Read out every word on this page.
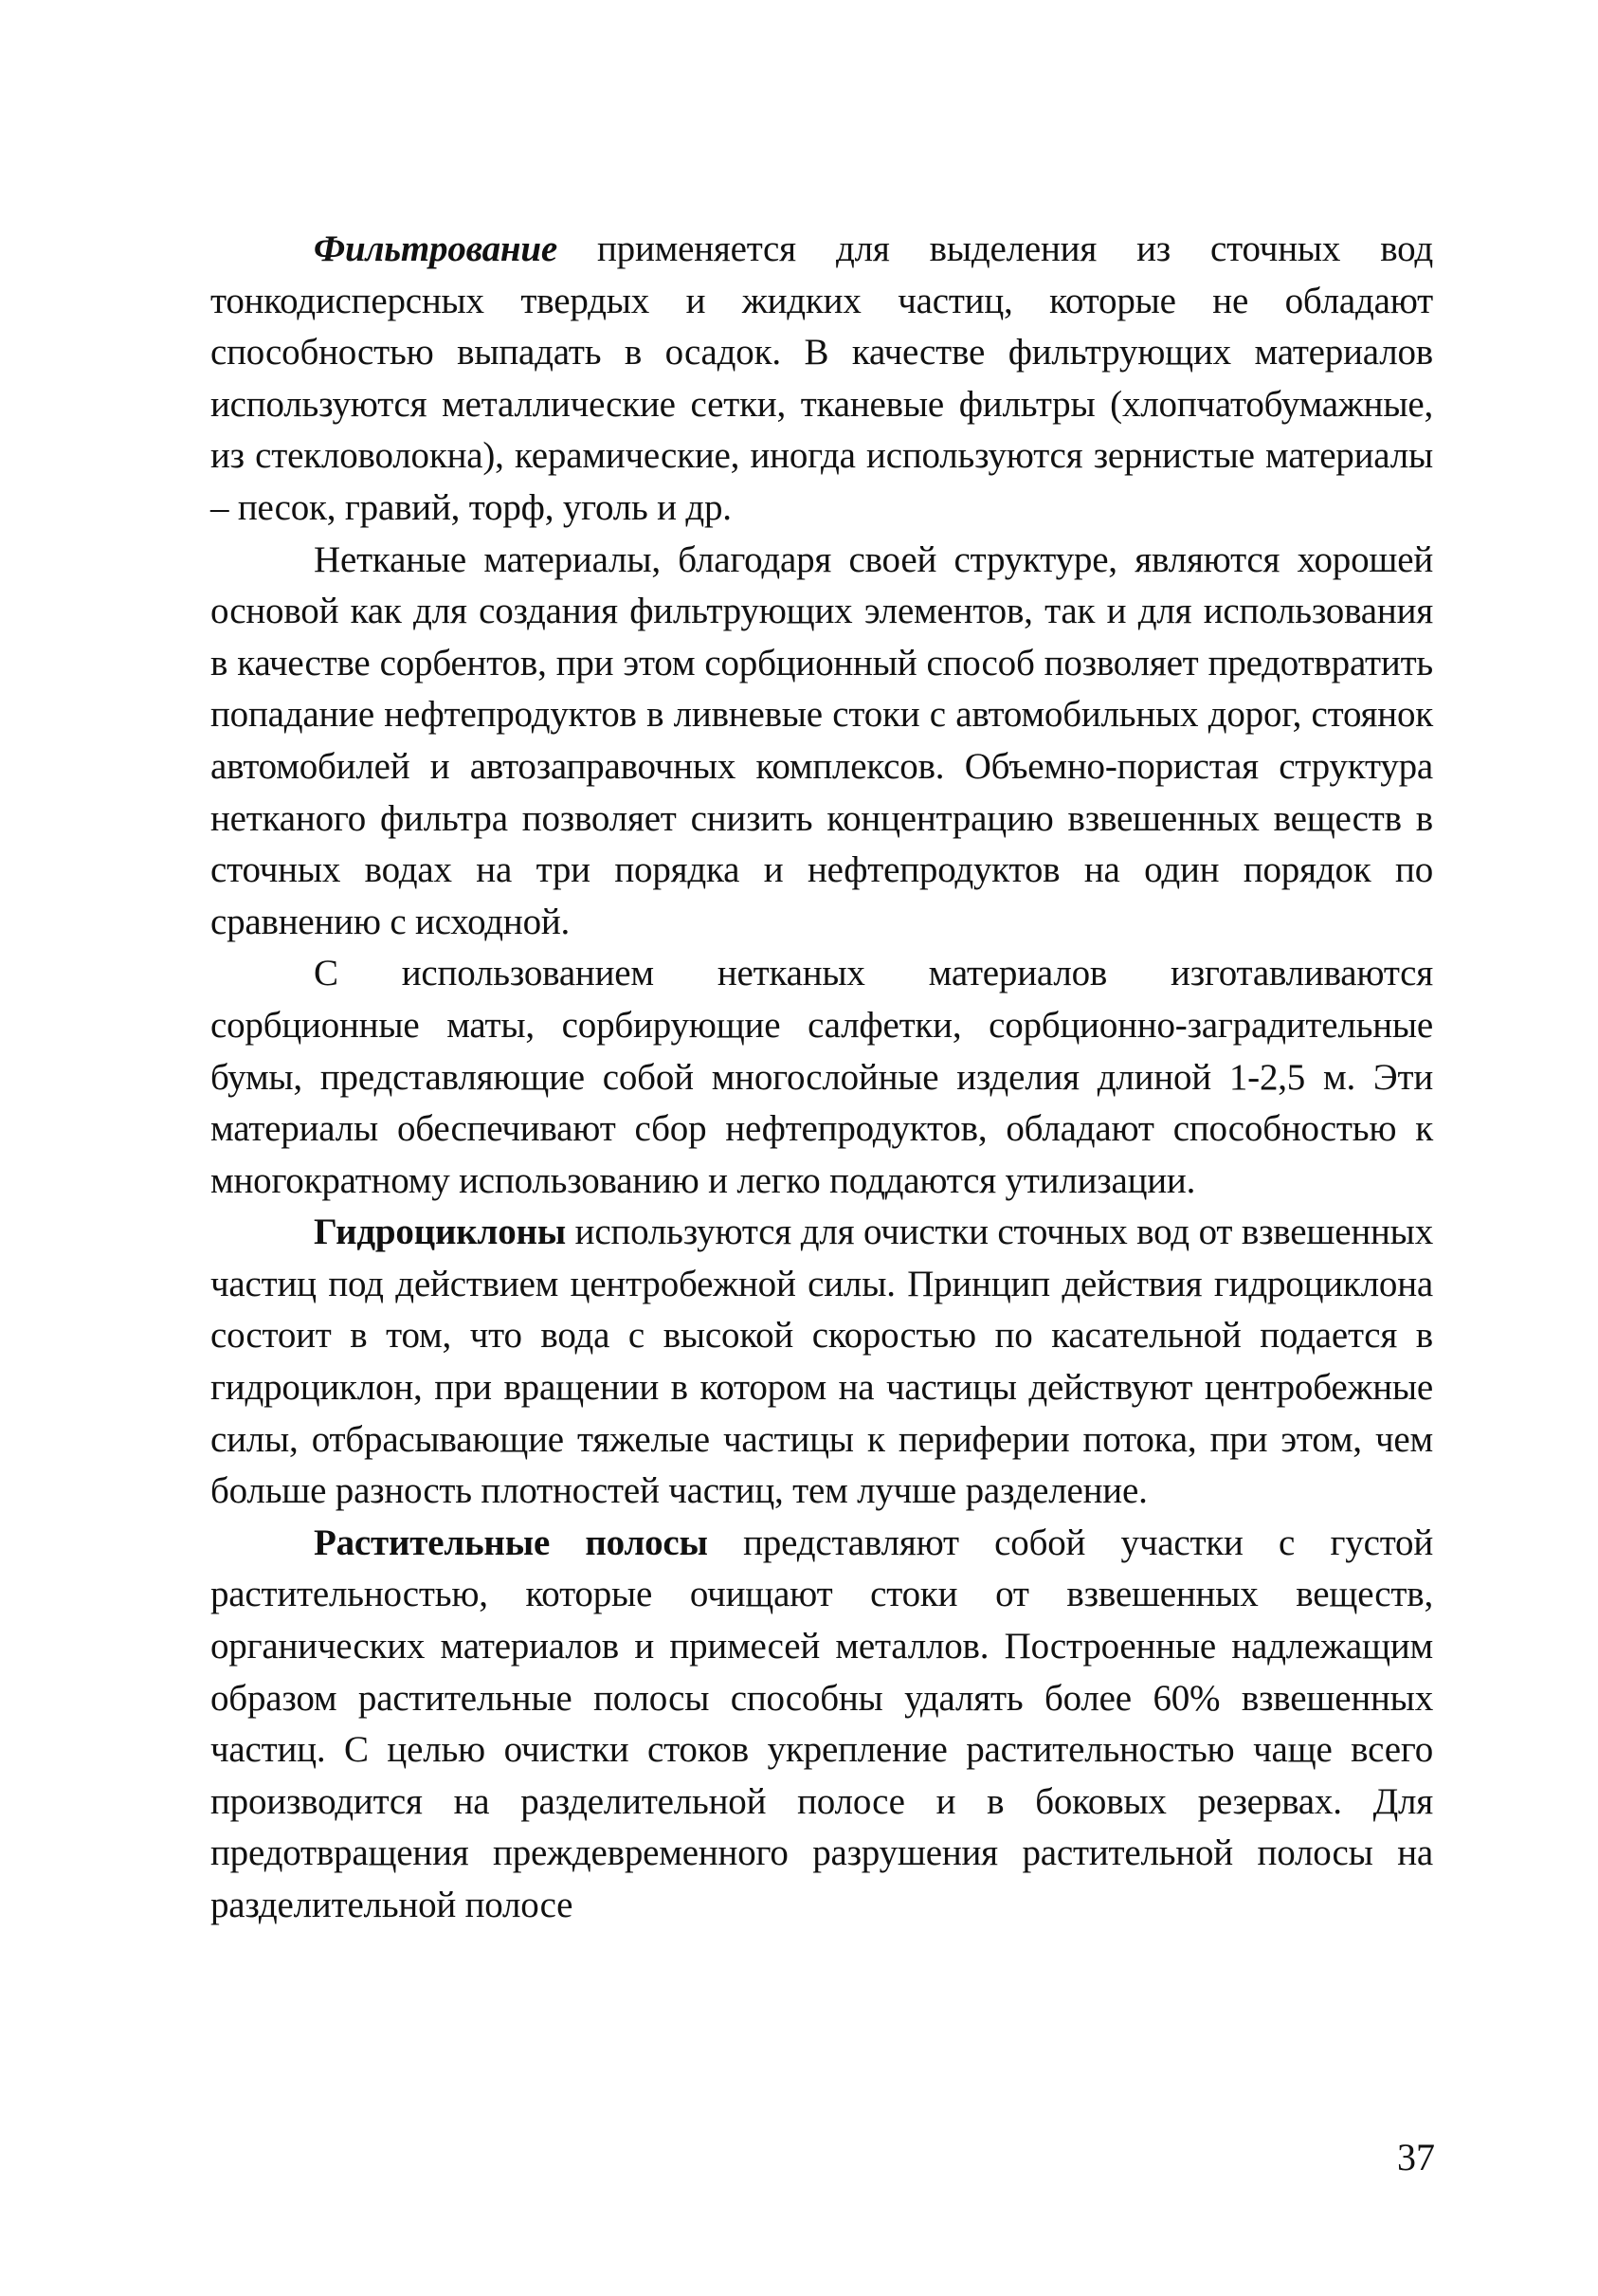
Фильтрование применяется для выделения из сточных вод тонкодисперсных твердых и жидких частиц, которые не обладают способностью выпадать в осадок. В качестве фильтрующих материалов используются металлические сетки, тканевые фильтры (хлопчатобумажные, из стекловолокна), керамические, иногда используются зернистые материалы – песок, гравий, торф, уголь и др.

Нетканые материалы, благодаря своей структуре, являются хорошей основой как для создания фильтрующих элементов, так и для использования в качестве сорбентов, при этом сорбционный способ позволяет предотвратить попадание нефтепродуктов в ливневые стоки с автомобильных дорог, стоянок автомобилей и автозаправочных комплексов. Объемно-пористая структура нетканого фильтра позволяет снизить концентрацию взвешенных веществ в сточных водах на три порядка и нефтепродуктов на один порядок по сравнению с исходной.

С использованием нетканых материалов изготавливаются сорбционные маты, сорбирующие салфетки, сорбционно-заградительные бумы, представляющие собой многослойные изделия длиной 1-2,5 м. Эти материалы обеспечивают сбор нефтепродуктов, обладают способностью к многократному использованию и легко поддаются утилизации.

Гидроциклоны используются для очистки сточных вод от взвешенных частиц под действием центробежной силы. Принцип действия гидроциклона состоит в том, что вода с высокой скоростью по касательной подается в гидроциклон, при вращении в котором на частицы действуют центробежные силы, отбрасывающие тяжелые частицы к периферии потока, при этом, чем больше разность плотностей частиц, тем лучше разделение.

Растительные полосы представляют собой участки с густой растительностью, которые очищают стоки от взвешенных веществ, органических материалов и примесей металлов. Построенные надлежащим образом растительные полосы способны удалять более 60% взвешенных частиц. С целью очистки стоков укрепление растительностью чаще всего производится на разделительной полосе и в боковых резервах. Для предотвращения преждевременного разрушения растительной полосы на разделительной полосе

37
